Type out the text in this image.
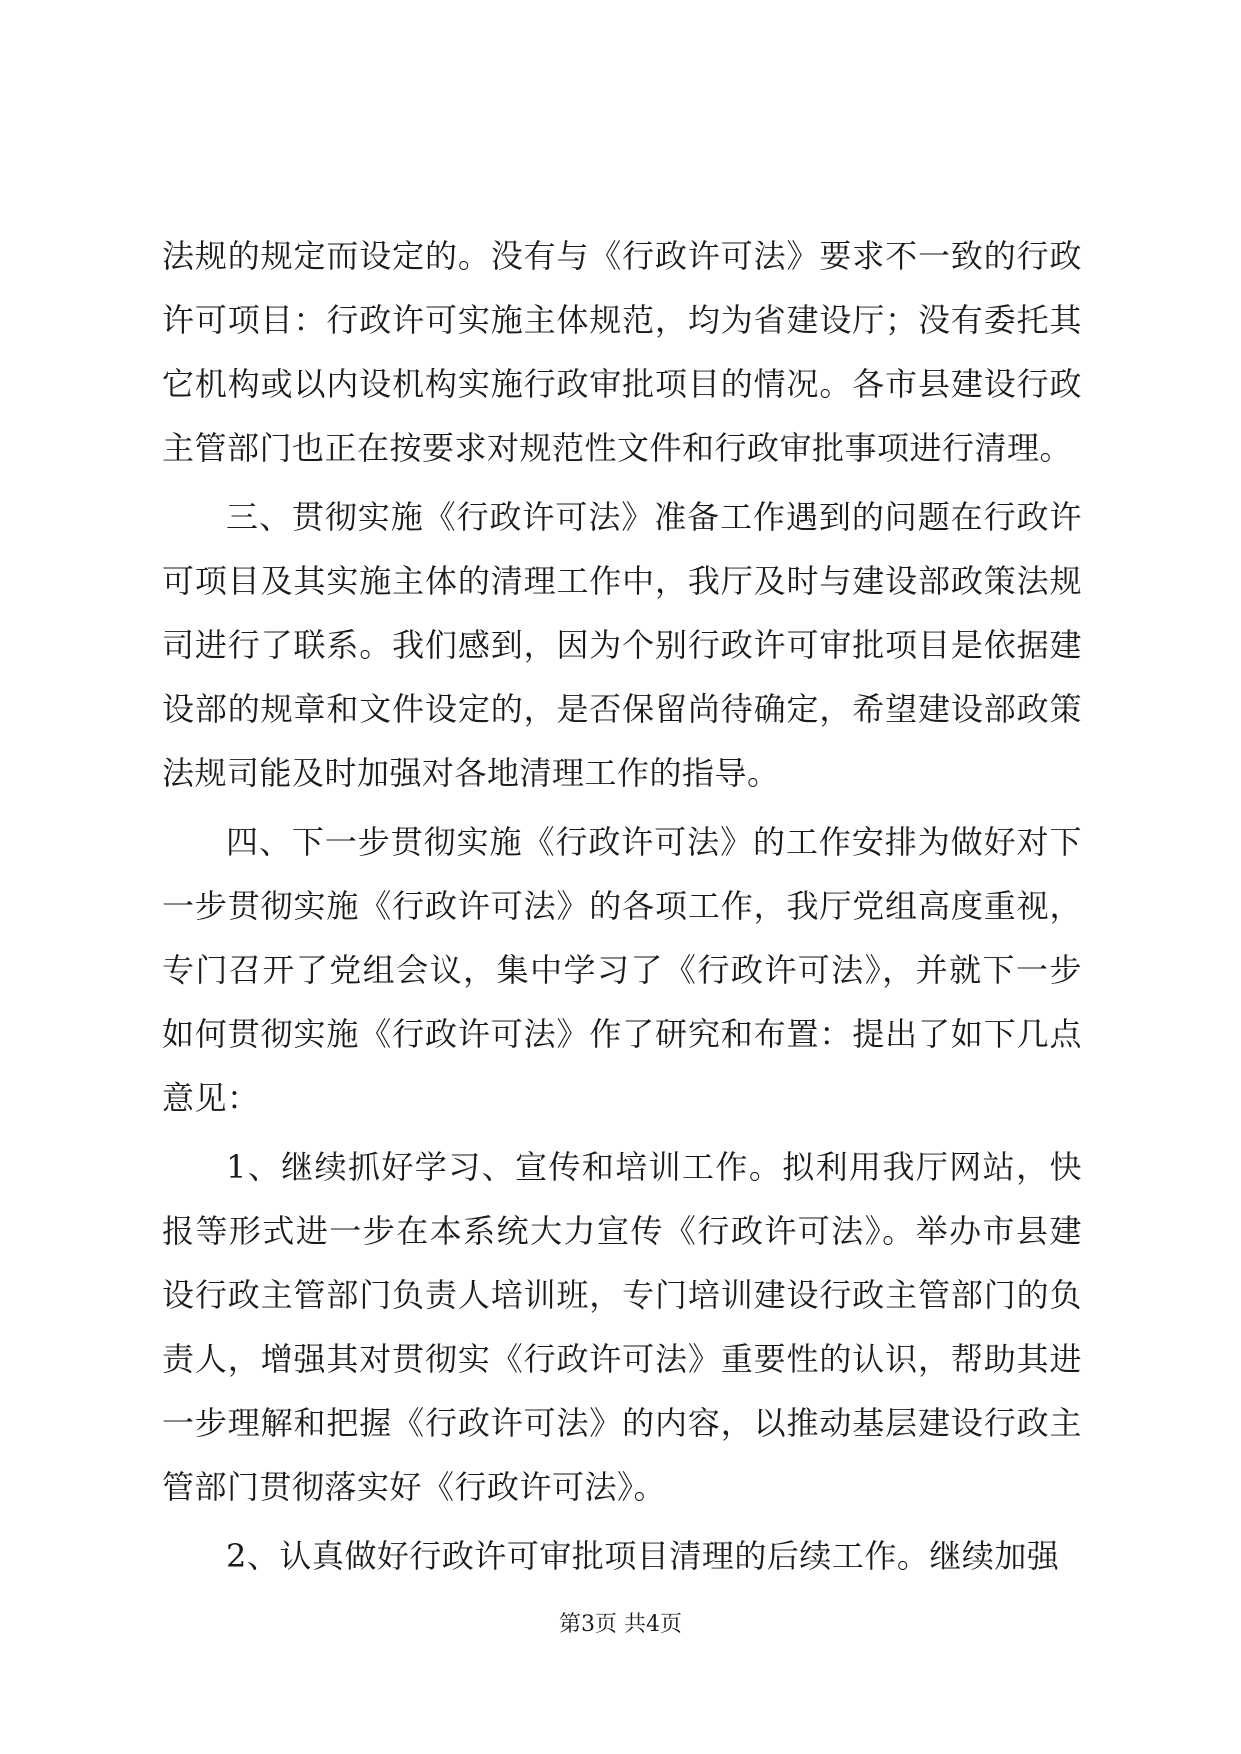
法规的规定而设定的。没有与《行政许可法》要求不一致的行政许可项目：行政许可实施主体规范，均为省建设厅；没有委托其它机构或以内设机构实施行政审批项目的情况。各市县建设行政主管部门也正在按要求对规范性文件和行政审批事项进行清理。

三、贯彻实施《行政许可法》准备工作遇到的问题在行政许可项目及其实施主体的清理工作中，我厅及时与建设部政策法规司进行了联系。我们感到，因为个别行政许可审批项目是依据建设部的规章和文件设定的，是否保留尚待确定，希望建设部政策法规司能及时加强对各地清理工作的指导。

四、下一步贯彻实施《行政许可法》的工作安排为做好对下一步贯彻实施《行政许可法》的各项工作，我厅党组高度重视，专门召开了党组会议，集中学习了《行政许可法》，并就下一步如何贯彻实施《行政许可法》作了研究和布置：提出了如下几点意见：

1、继续抓好学习、宣传和培训工作。拟利用我厅网站，快报等形式进一步在本系统大力宣传《行政许可法》。举办市县建设行政主管部门负责人培训班，专门培训建设行政主管部门的负责人，增强其对贯彻实《行政许可法》重要性的认识，帮助其进一步理解和把握《行政许可法》的内容，以推动基层建设行政主管部门贯彻落实好《行政许可法》。

2、认真做好行政许可审批项目清理的后续工作。继续加强

第3页 共4页
